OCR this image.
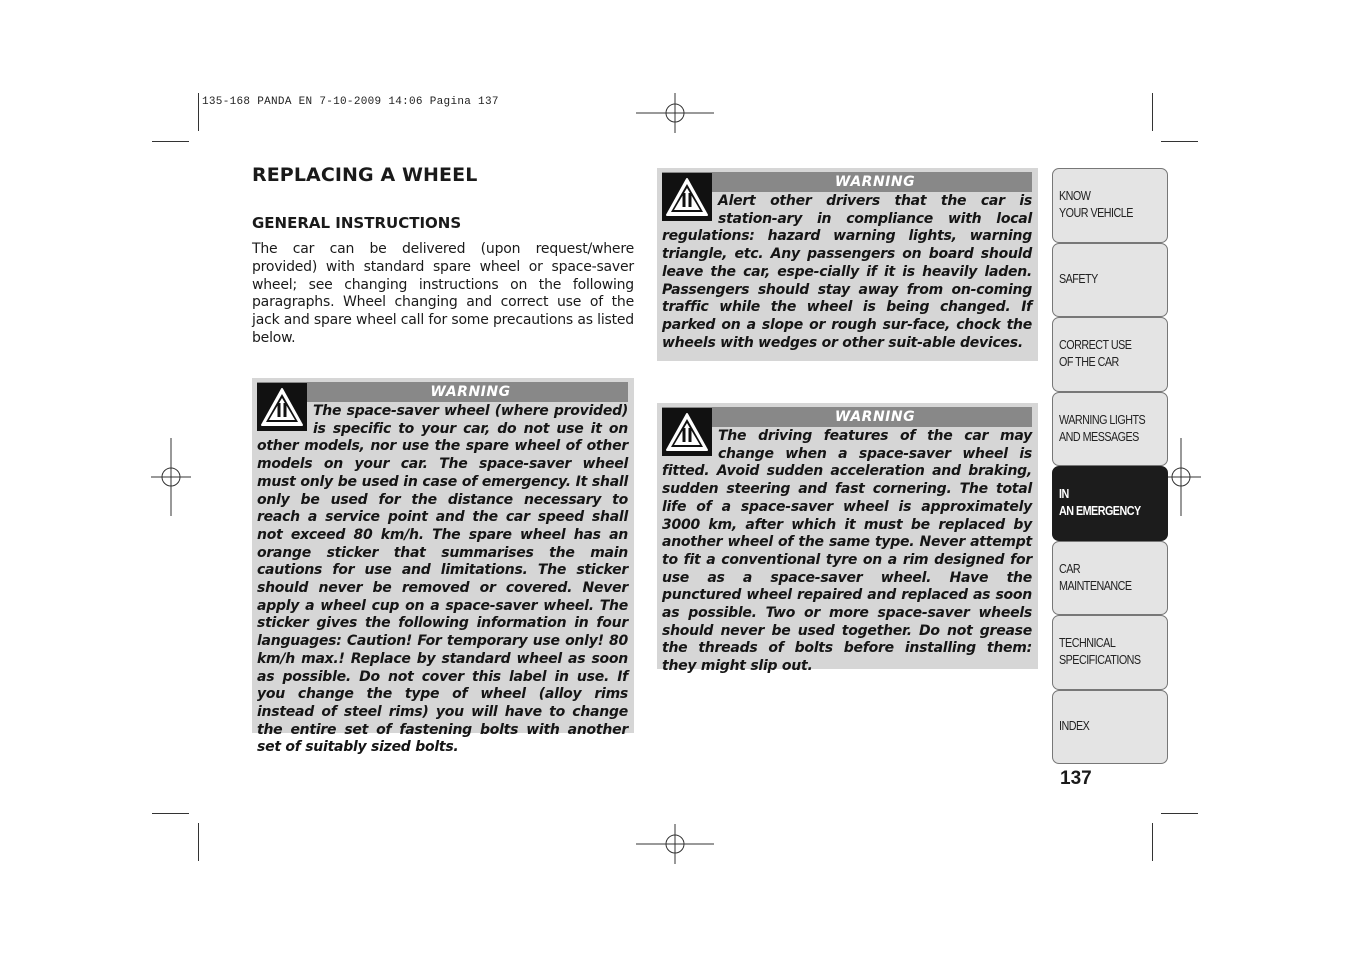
135-168 PANDA EN 7-10-2009 14:06 Pagina 137
REPLACING A WHEEL
GENERAL INSTRUCTIONS

The car can be delivered (upon request/where provided) with standard spare wheel or space-saver wheel; see changing instructions on the following paragraphs. Wheel changing and correct use of the jack and spare wheel call for some precautions as listed below.

WARNING

The space-saver wheel (where provided) is specific to your car, do not use it on other models, nor use the spare wheel of other models on your car. The space-saver wheel must only be used in case of emergency. It shall only be used for the distance necessary to reach a service point and the car speed shall not exceed 80 km/h. The spare wheel has an orange sticker that summarises the main cautions for use and limitations. The sticker should never be removed or covered. Never apply a wheel cup on a space-saver wheel. The sticker gives the following information in four languages: Caution! For temporary use only! 80 km/h max.! Replace by standard wheel as soon as possible. Do not cover this label in use. If you change the type of wheel (alloy rims instead of steel rims) you will have to change the entire set of fastening bolts with another set of suitably sized bolts.

WARNING

Alert other drivers that the car is station-ary in compliance with local regulations: hazard warning lights, warning triangle, etc. Any passengers on board should leave the car, espe-cially if it is heavily laden. Passengers should stay away from on-coming traffic while the wheel is being changed. If parked on a slope or rough sur-face, chock the wheels with wedges or other suit-able devices.

WARNING

The driving features of the car may change when a space-saver wheel is fitted. Avoid sudden acceleration and braking, sudden steering and fast cornering. The total life of a space-saver wheel is approximately 3000 km, after which it must be replaced by another wheel of the same type. Never attempt to fit a conventional tyre on a rim designed for use as a space-saver wheel. Have the punctured wheel repaired and replaced as soon as possible. Two or more space-saver wheels should never be used together. Do not grease the threads of bolts before installing them: they might slip out.

KNOW
YOUR VEHICLE
SAFETY
CORRECT USE
OF THE CAR
WARNING LIGHTS
AND MESSAGES
IN
AN EMERGENCY
CAR
MAINTENANCE
TECHNICAL
SPECIFICATIONS
INDEX
137
